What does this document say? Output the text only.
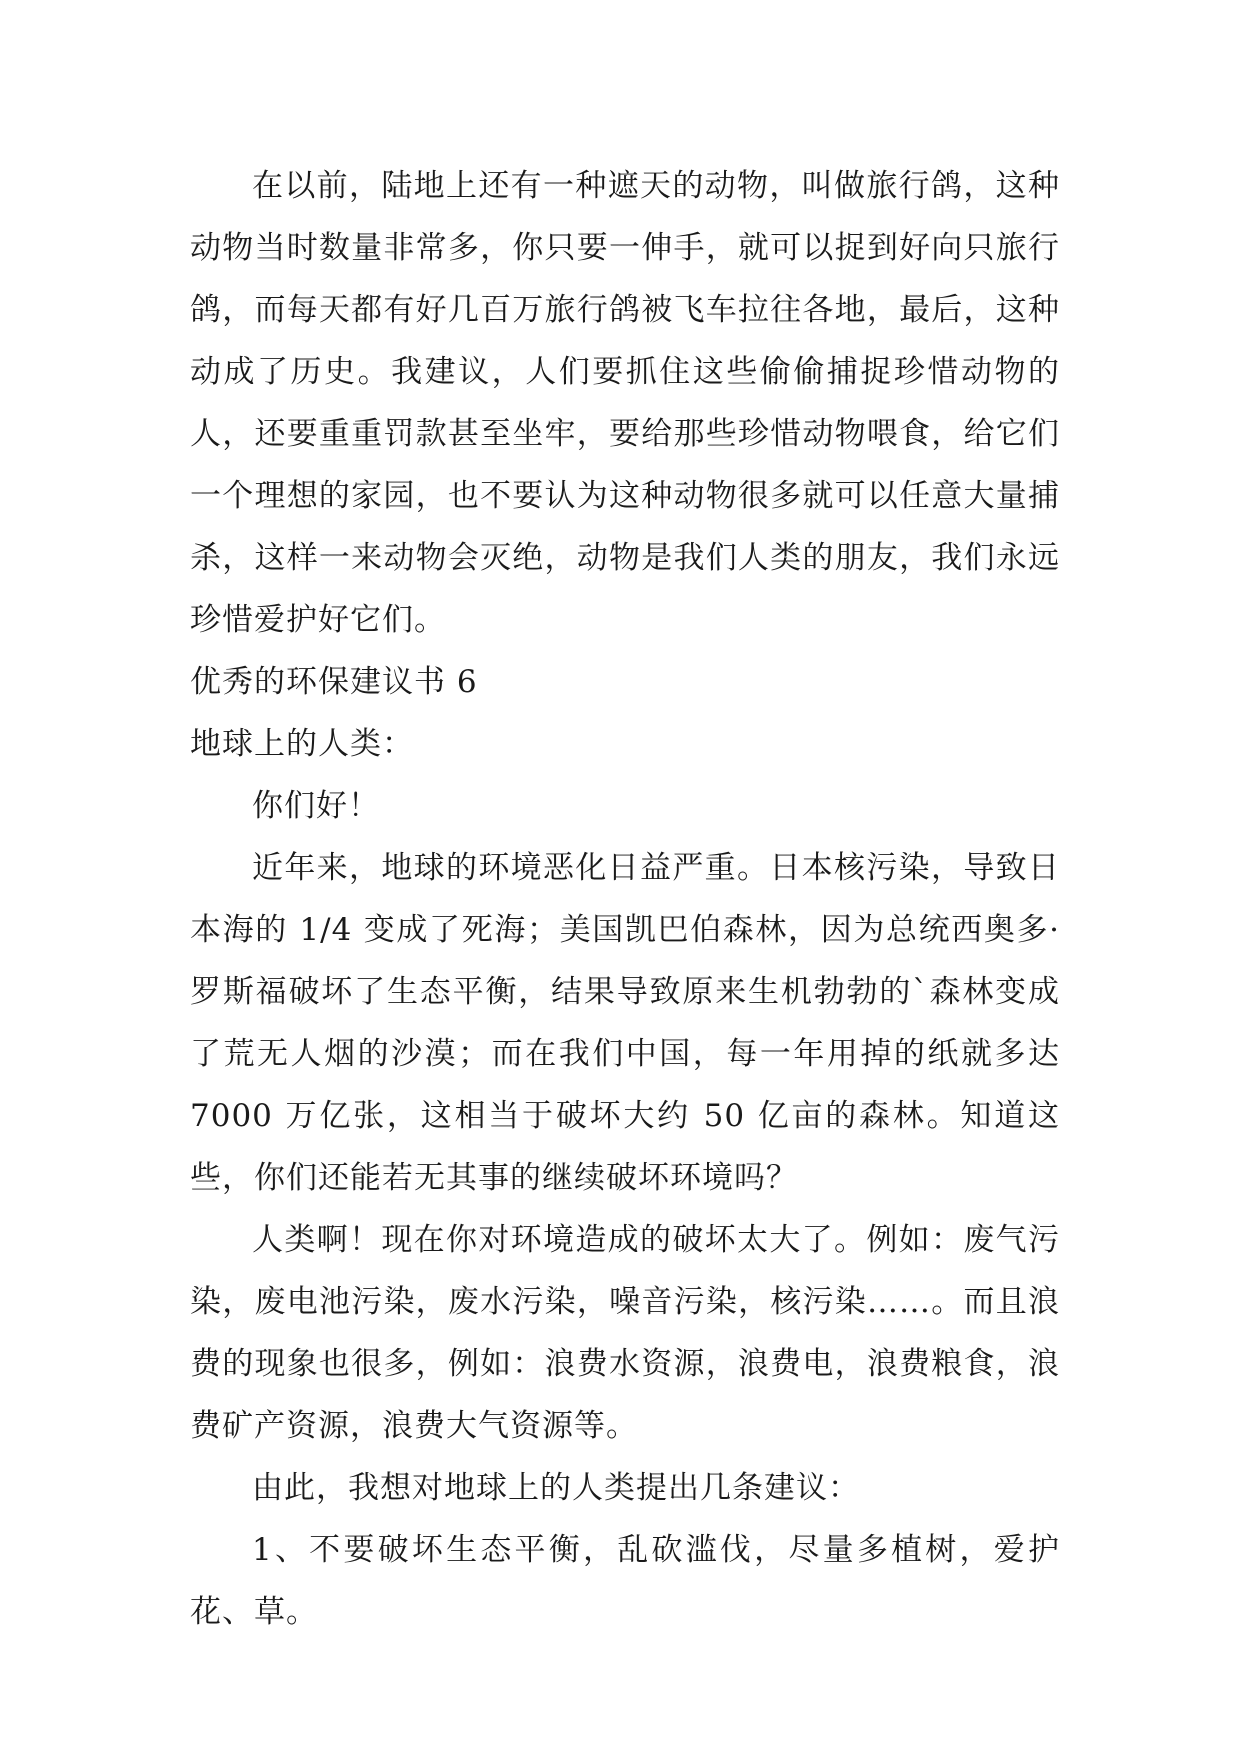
在以前，陆地上还有一种遮天的动物，叫做旅行鸽，这种动物当时数量非常多，你只要一伸手，就可以捉到好向只旅行鸽，而每天都有好几百万旅行鸽被飞车拉往各地，最后，这种动成了历史。我建议，人们要抓住这些偷偷捕捉珍惜动物的人，还要重重罚款甚至坐牢，要给那些珍惜动物喂食，给它们一个理想的家园，也不要认为这种动物很多就可以任意大量捕杀，这样一来动物会灭绝，动物是我们人类的朋友，我们永远珍惜爱护好它们。

优秀的环保建议书 6

地球上的人类：

你们好！

近年来，地球的环境恶化日益严重。日本核污染，导致日本海的 1/4 变成了死海；美国凯巴伯森林，因为总统西奥多·罗斯福破坏了生态平衡，结果导致原来生机勃勃的`森林变成了荒无人烟的沙漠；而在我们中国，每一年用掉的纸就多达 7000 万亿张，这相当于破坏大约 50 亿亩的森林。知道这些，你们还能若无其事的继续破坏环境吗？

人类啊！现在你对环境造成的破坏太大了。例如：废气污染，废电池污染，废水污染，噪音污染，核污染……。而且浪费的现象也很多，例如：浪费水资源，浪费电，浪费粮食，浪费矿产资源，浪费大气资源等。

由此，我想对地球上的人类提出几条建议：

1、不要破坏生态平衡，乱砍滥伐，尽量多植树，爱护花、草。
